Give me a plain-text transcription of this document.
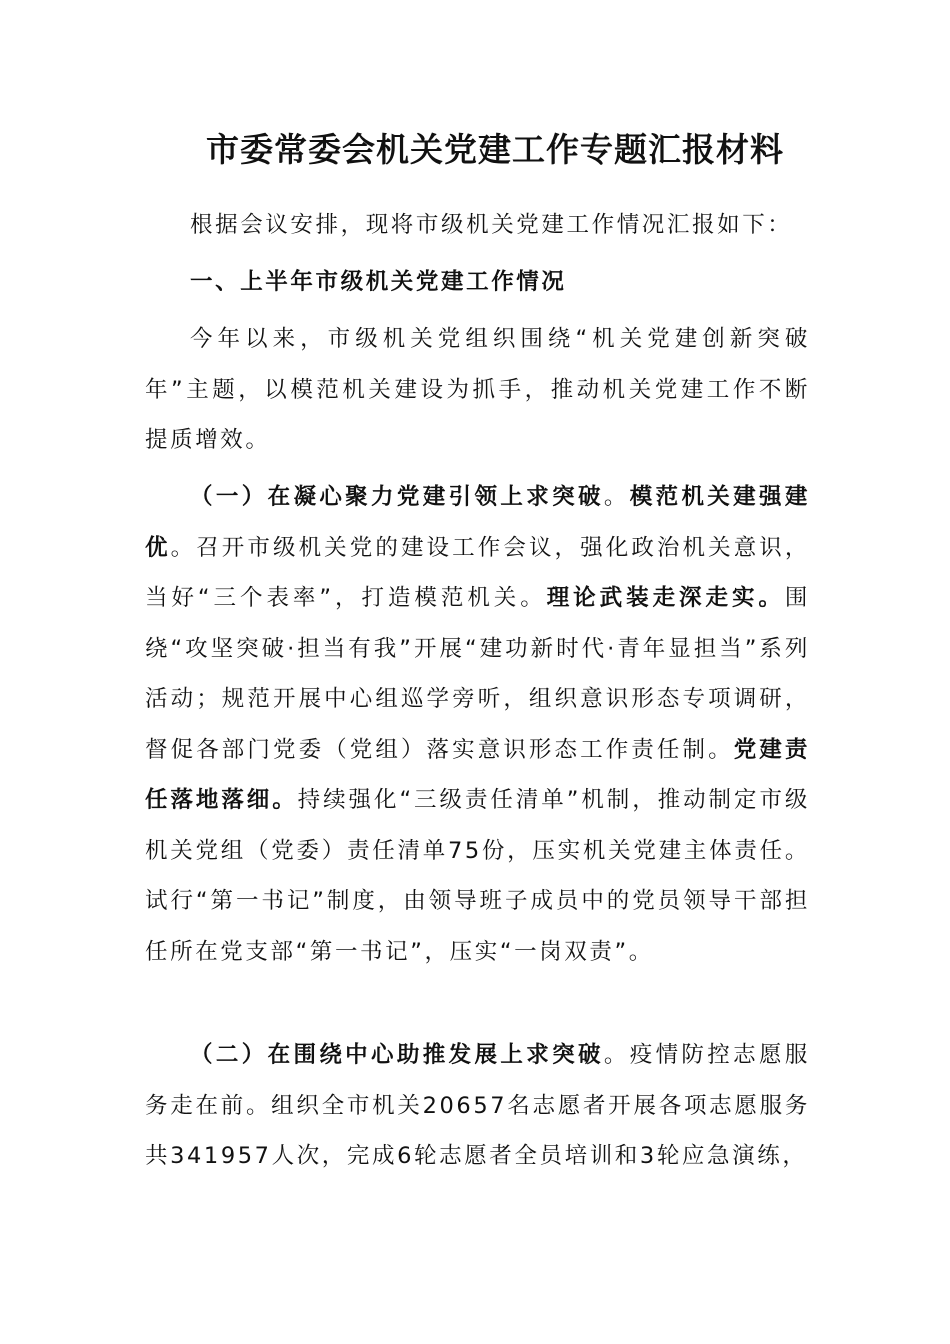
市委常委会机关党建工作专题汇报材料

根据会议安排，现将市级机关党建工作情况汇报如下：

一、上半年市级机关党建工作情况

今年以来，市级机关党组织围绕“机关党建创新突破年”主题，以模范机关建设为抓手，推动机关党建工作不断提质增效。

（一）在凝心聚力党建引领上求突破。模范机关建强建优。召开市级机关党的建设工作会议，强化政治机关意识，当好“三个表率”，打造模范机关。理论武装走深走实。围绕“攻坚突破·担当有我”开展“建功新时代·青年显担当”系列活动；规范开展中心组巡学旁听，组织意识形态专项调研，督促各部门党委（党组）落实意识形态工作责任制。党建责任落地落细。持续强化“三级责任清单”机制，推动制定市级机关党组（党委）责任清单75份，压实机关党建主体责任。试行“第一书记”制度，由领导班子成员中的党员领导干部担任所在党支部“第一书记”，压实“一岗双责”。

（二）在围绕中心助推发展上求突破。疫情防控志愿服务走在前。组织全市机关20657名志愿者开展各项志愿服务共341957人次，完成6轮志愿者全员培训和3轮应急演练，
